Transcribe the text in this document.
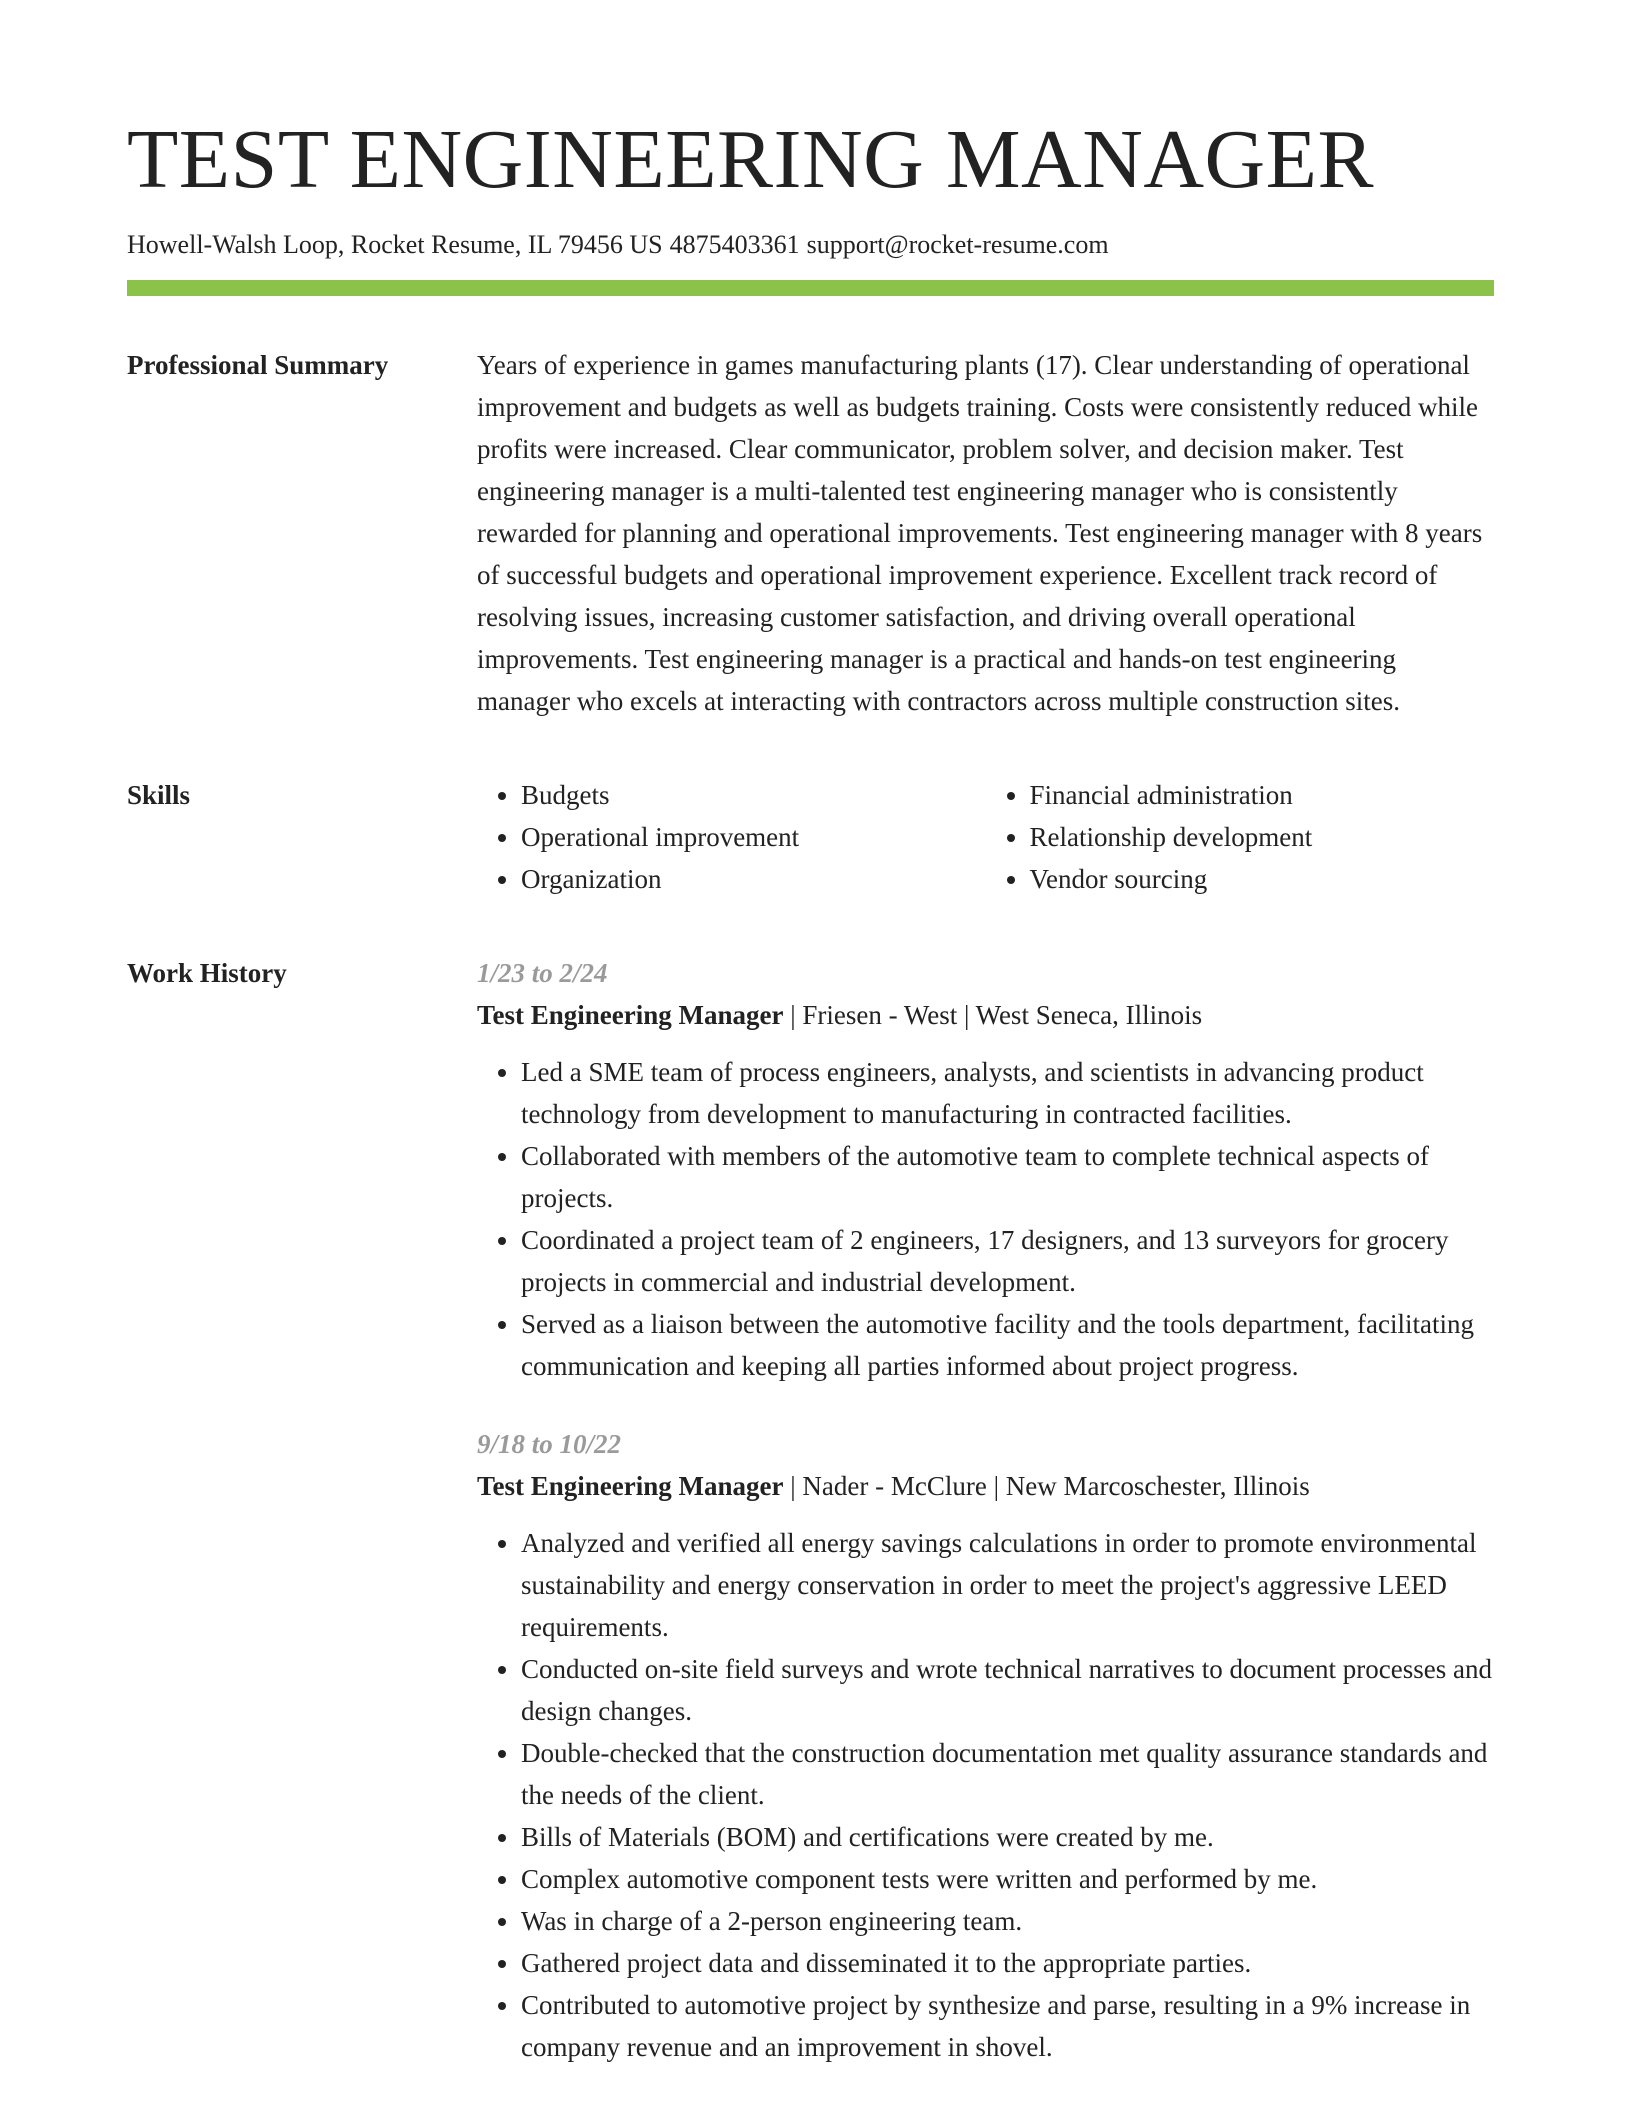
TEST ENGINEERING MANAGER
Howell-Walsh Loop, Rocket Resume, IL 79456 US 4875403361 support@rocket-resume.com
Professional Summary	Years of experience in games manufacturing plants (17). Clear understanding of operational improvement and budgets as well as budgets training. Costs were consistently reduced while profits were increased. Clear communicator, problem solver, and decision maker. Test engineering manager is a multi-talented test engineering manager who is consistently rewarded for planning and operational improvements. Test engineering manager with 8 years of successful budgets and operational improvement experience. Excellent track record of resolving issues, increasing customer satisfaction, and driving overall operational improvements. Test engineering manager is a practical and hands-on test engineering manager who excels at interacting with contractors across multiple construction sites.

Skills
•	Budgets
• Operational improvement
• Organization
• Financial administration
• Relationship development
• Vendor sourcing
Work History	1/23 to 2/24
Test Engineering Manager | Friesen - West | West Seneca, Illinois
• Led a SME team of process engineers, analysts, and scientists in advancing product technology from development to manufacturing in contracted facilities.
• Collaborated with members of the automotive team to complete technical aspects of projects.
• Coordinated a project team of 2 engineers, 17 designers, and 13 surveyors for grocery projects in commercial and industrial development.
• Served as a liaison between the automotive facility and the tools department, facilitating communication and keeping all parties informed about project progress.
9/18 to 10/22
Test Engineering Manager | Nader - McClure | New Marcoschester, Illinois
• Analyzed and verified all energy savings calculations in order to promote environmental sustainability and energy conservation in order to meet the project's aggressive LEED requirements.
• Conducted on-site field surveys and wrote technical narratives to document processes and design changes.
• Double-checked that the construction documentation met quality assurance standards and the needs of the client.
• Bills of Materials (BOM) and certifications were created by me.
• Complex automotive component tests were written and performed by me.
• Was in charge of a 2-person engineering team.
• Gathered project data and disseminated it to the appropriate parties.
• Contributed to automotive project by synthesize and parse, resulting in a 9% increase in company revenue and an improvement in shovel.
